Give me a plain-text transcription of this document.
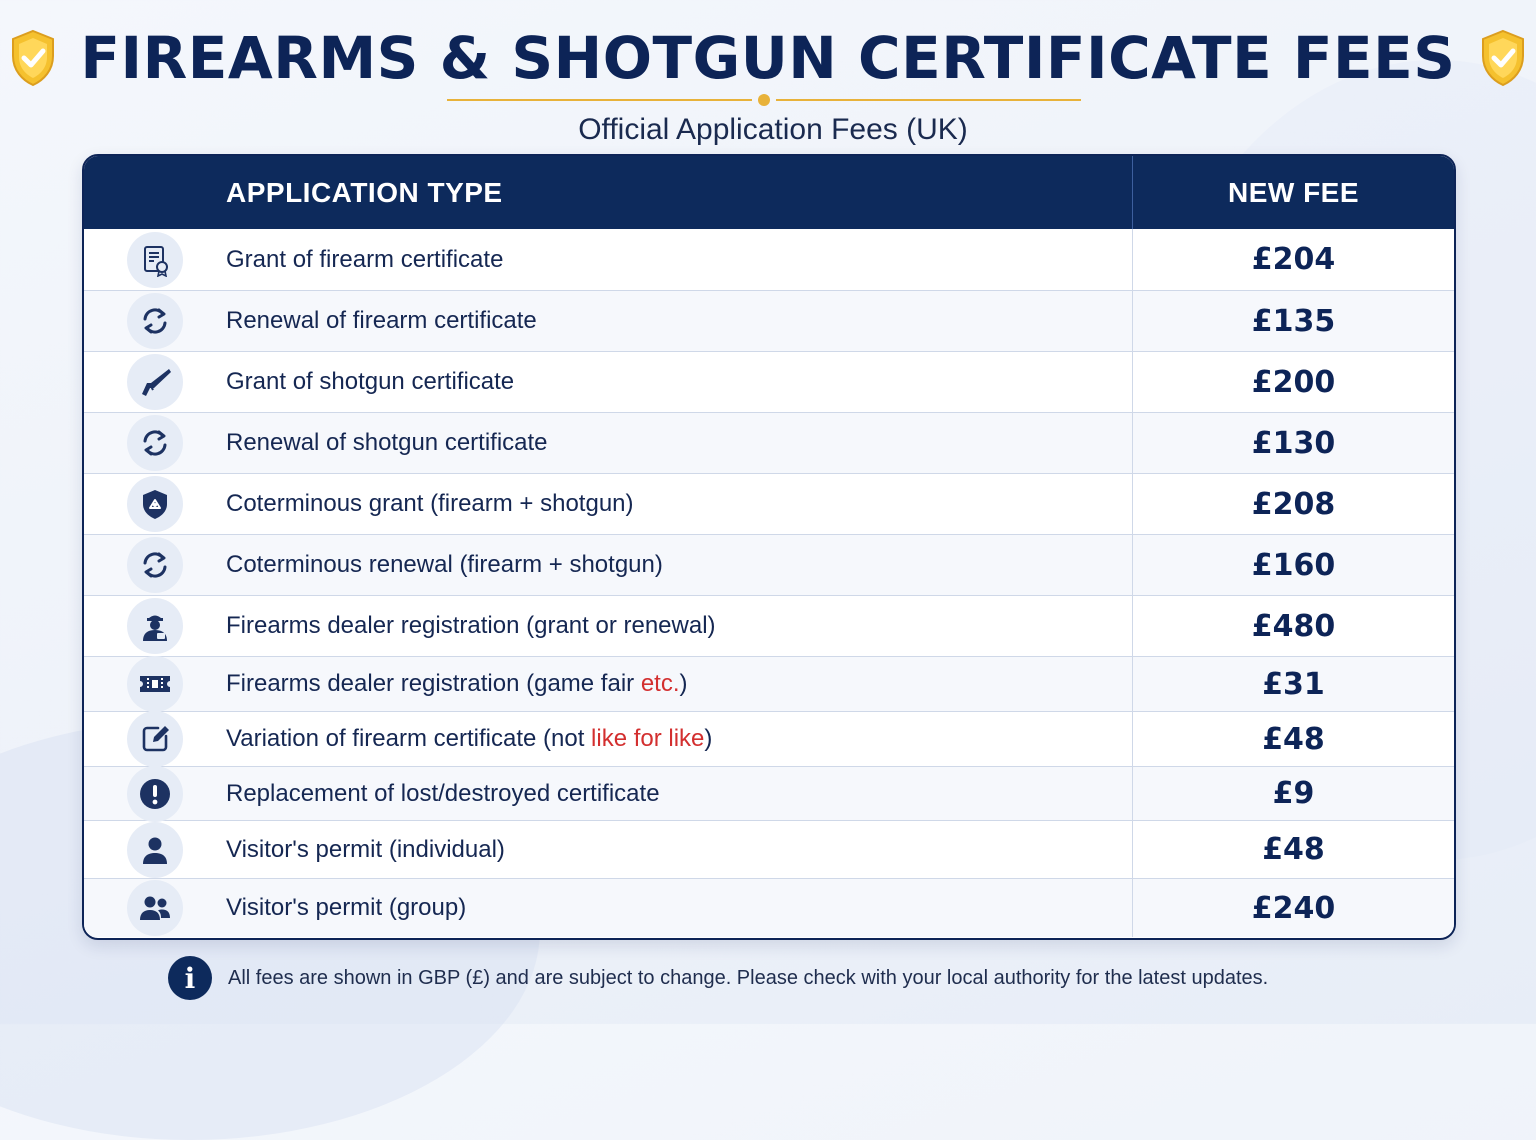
FIREARMS & SHOTGUN CERTIFICATE FEES
Official Application Fees (UK)
APPLICATION TYPE	NEW FEE
Grant of firearm certificate	£204
Renewal of firearm certificate	£135
Grant of shotgun certificate	£200
Renewal of shotgun certificate	£130
Coterminous grant (firearm + shotgun)	£208
Coterminous renewal (firearm + shotgun)	£160
Firearms dealer registration (grant or renewal)	£480
Firearms dealer registration (game fair etc. )	£31
Variation of firearm certificate (not like for like )	£48
Replacement of lost/destroyed certificate	£9
Visitor's permit (individual)	£48
Visitor's permit (group)	£240
i	All fees are shown in GBP (£) and are subject to change. Please check with your local authority for the latest updates.
